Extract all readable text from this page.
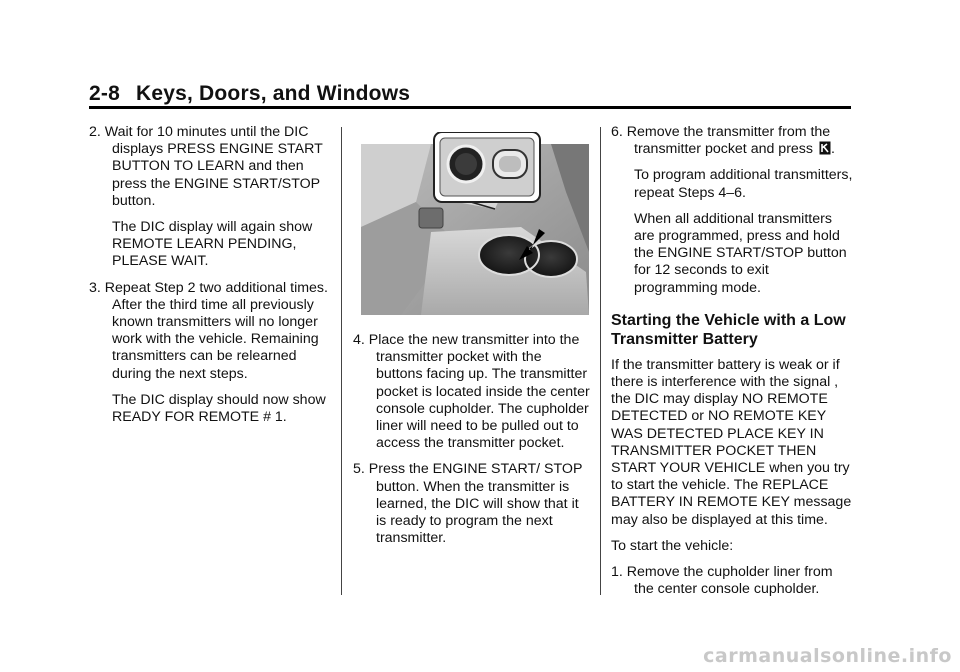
2-8 Keys, Doors, and Windows

2. Wait for 10 minutes until the DIC displays PRESS ENGINE START BUTTON TO LEARN and then press the ENGINE START/STOP button.

The DIC display will again show REMOTE LEARN PENDING, PLEASE WAIT.

3. Repeat Step 2 two additional times. After the third time all previously known transmitters will no longer work with the vehicle. Remaining transmitters can be relearned during the next steps.

The DIC display should now show READY FOR REMOTE # 1.

4. Place the new transmitter into the transmitter pocket with the buttons facing up. The transmitter pocket is located inside the center console cupholder. The cupholder liner will need to be pulled out to access the transmitter pocket.

5. Press the ENGINE START/ STOP button. When the transmitter is learned, the DIC will show that it is ready to program the next transmitter.

6. Remove the transmitter from the transmitter pocket and press .

To program additional transmitters, repeat Steps 4–6.

When all additional transmitters are programmed, press and hold the ENGINE START/STOP button for 12 seconds to exit programming mode.

Starting the Vehicle with a Low Transmitter Battery

If the transmitter battery is weak or if there is interference with the signal , the DIC may display NO REMOTE DETECTED or NO REMOTE KEY WAS DETECTED PLACE KEY IN TRANSMITTER POCKET THEN START YOUR VEHICLE when you try to start the vehicle. The REPLACE BATTERY IN REMOTE KEY message may also be displayed at this time.

To start the vehicle:

1. Remove the cupholder liner from the center console cupholder.

carmanualsonline.info
